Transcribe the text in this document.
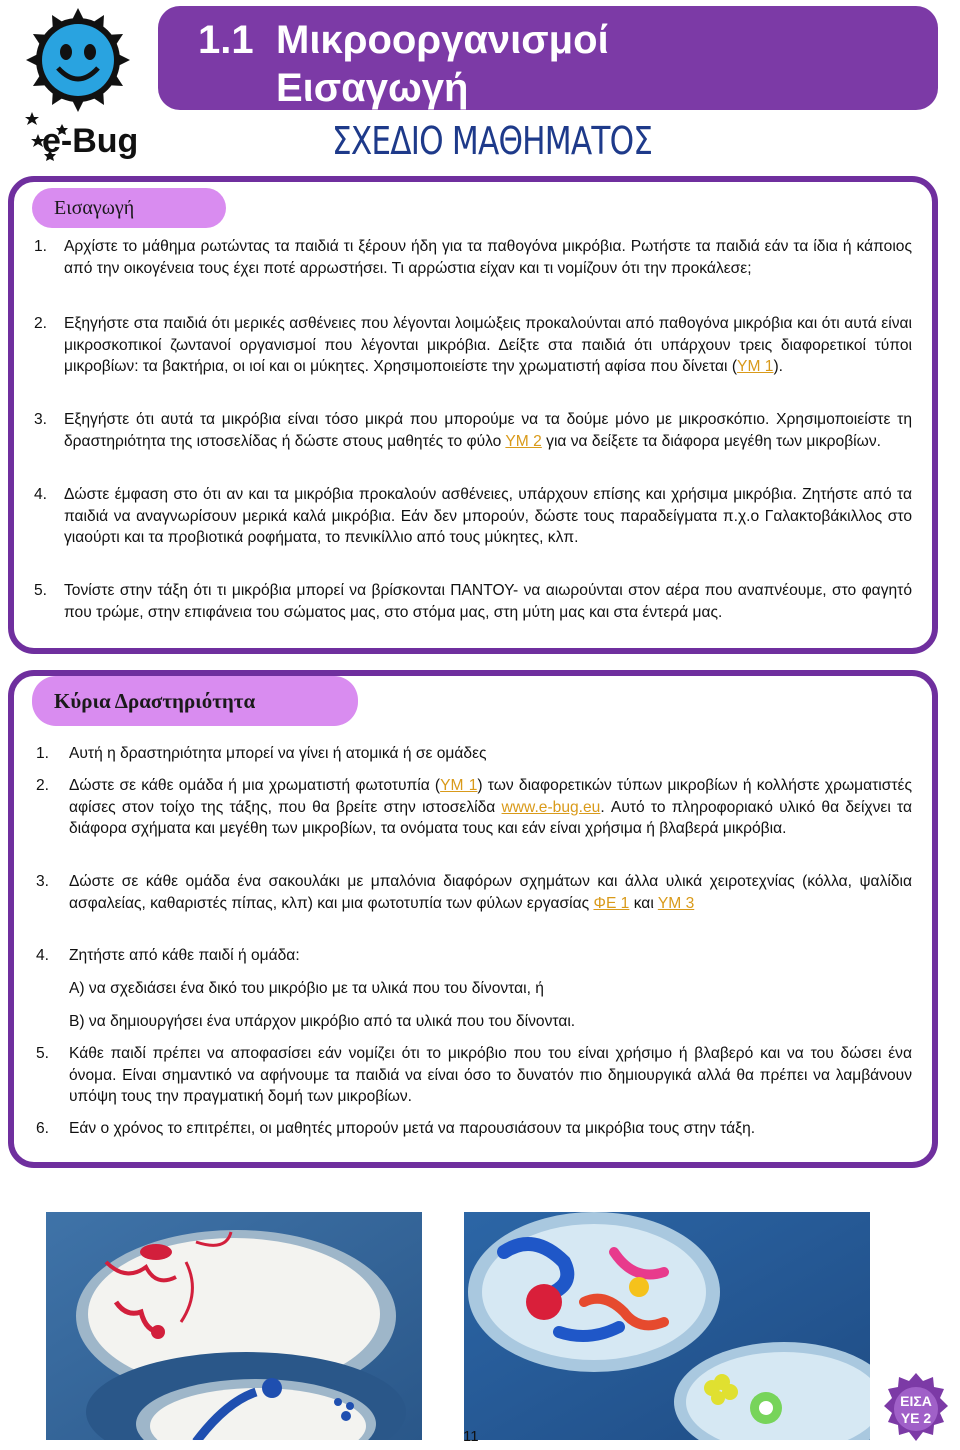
e-Bug
1.1 Μικροοργανισμοί
Εισαγωγή
ΣΧΕΔΙΟ ΜΑΘΗΜΑΤΟΣ
Εισαγωγή
1.	Αρχίστε το μάθημα ρωτώντας τα παιδιά τι ξέρουν ήδη για τα παθογόνα μικρόβια. Ρωτήστε τα παιδιά εάν τα ίδια ή κάποιος από την οικογένεια τους έχει ποτέ αρρωστήσει. Τι αρρώστια είχαν και τι νομίζουν ότι την προκάλεσε;
2.	Εξηγήστε στα παιδιά ότι μερικές ασθένειες που λέγονται λοιμώξεις προκαλούνται από παθογόνα μικρόβια και ότι αυτά είναι μικροσκοπικοί ζωντανοί οργανισμοί που λέγονται μικρόβια. Δείξτε στα παιδιά ότι υπάρχουν τρεις διαφορετικοί τύποι μικροβίων: τα βακτήρια, οι ιοί και οι μύκητες. Χρησιμοποιείστε την χρωματιστή αφίσα που δίνεται (ΥΜ 1).
3.	Εξηγήστε ότι αυτά τα μικρόβια είναι τόσο μικρά που μπορούμε να τα δούμε μόνο με μικροσκόπιο. Χρησιμοποιείστε τη δραστηριότητα της ιστοσελίδας ή δώστε στους μαθητές το φύλο ΥΜ 2 για να δείξετε τα διάφορα μεγέθη των μικροβίων.
4.	Δώστε έμφαση στο ότι αν και τα μικρόβια προκαλούν ασθένειες, υπάρχουν επίσης και χρήσιμα μικρόβια. Ζητήστε από τα παιδιά να αναγνωρίσουν μερικά καλά μικρόβια. Εάν δεν μπορούν, δώστε τους παραδείγματα π.χ.ο Γαλακτοβάκιλλος στο γιαούρτι και τα προβιοτικά ροφήματα, το πενικίλλιο από τους μύκητες, κλπ.
5.	Τονίστε στην τάξη ότι τι μικρόβια μπορεί να βρίσκονται ΠΑΝΤΟΥ- να αιωρούνται στον αέρα που αναπνέουμε, στο φαγητό που τρώμε, στην επιφάνεια του σώματος μας, στο στόμα μας, στη μύτη μας και στα έντερά μας.
Κύρια Δραστηριότητα
1.	Αυτή η δραστηριότητα μπορεί να γίνει ή ατομικά ή σε ομάδες
2.	Δώστε σε κάθε ομάδα ή μια χρωματιστή φωτοτυπία (ΥΜ 1) των διαφορετικών τύπων μικροβίων ή κολλήστε χρωματιστές αφίσες στον τοίχο της τάξης, που θα βρείτε στην ιστοσελίδα www.e-bug.eu. Αυτό το πληροφοριακό υλικό θα δείχνει τα διάφορα σχήματα και μεγέθη των μικροβίων, τα ονόματα τους και εάν είναι χρήσιμα ή βλαβερά μικρόβια.
3.	Δώστε σε κάθε ομάδα ένα σακουλάκι με μπαλόνια διαφόρων σχημάτων και άλλα υλικά χειροτεχνίας (κόλλα, ψαλίδια ασφαλείας, καθαριστές πίπας, κλπ) και μια φωτοτυπία των φύλων εργασίας ΦΕ 1 και ΥΜ 3
4.	Ζητήστε από κάθε παιδί ή ομάδα:
Α) να σχεδιάσει ένα δικό του μικρόβιο με τα υλικά που του δίνονται, ή
Β) να δημιουργήσει ένα υπάρχον μικρόβιο από τα υλικά που του δίνονται.
5.	Κάθε παιδί πρέπει να αποφασίσει εάν νομίζει ότι το μικρόβιο που του είναι χρήσιμο ή βλαβερό και να του δώσει ένα όνομα. Είναι σημαντικό να αφήνουμε τα παιδιά να είναι όσο το δυνατόν πιο δημιουργικά αλλά θα πρέπει να λαμβάνουν υπόψη τους την πραγματική δομή των μικροβίων.
6.	Εάν ο χρόνος το επιτρέπει, οι μαθητές μπορούν μετά να παρουσιάσουν τα μικρόβια τους στην τάξη.
11
ΕΙΣΑ
ΥΕ 2
